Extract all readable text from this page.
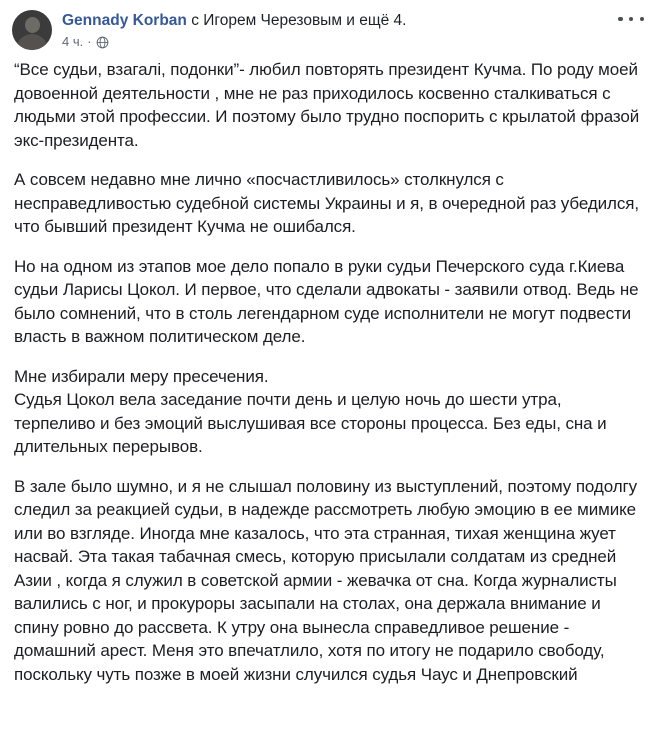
Gennady Korban с Игорем Черезовым и ещё 4.
4 ч. ·

“Все судьи, взагалі, подонки”- любил повторять президент Кучма. По роду моей довоенной деятельности , мне не раз приходилось косвенно сталкиваться с людьми этой профессии. И поэтому было трудно поспорить с крылатой фразой экс-президента.

А совсем недавно мне лично «посчастливилось» столкнулся с несправедливостью судебной системы Украины и я, в очередной раз убедился, что бывший президент Кучма не ошибался.

Но на одном из этапов мое дело попало в руки судьи Печерского суда г.Киева судьи Ларисы Цокол. И первое, что сделали адвокаты - заявили отвод. Ведь не было сомнений, что в столь легендарном суде исполнители не могут подвести власть в важном политическом деле.

Мне избирали меру пресечения.

Судья Цокол вела заседание почти день и целую ночь до шести утра, терпеливо и без эмоций выслушивая все стороны процесса. Без еды, сна и длительных перерывов.

В зале было шумно, и я не слышал половину из выступлений, поэтому подолгу следил за реакцией судьи, в надежде рассмотреть любую эмоцию в ее мимике или во взгляде. Иногда мне казалось, что эта странная, тихая женщина жует насвай. Эта такая табачная смесь, которую присылали солдатам из средней Азии , когда я служил в советской армии - жевачка от сна. Когда журналисты валились с ног, и прокуроры засыпали на столах, она держала внимание и спину ровно до рассвета. К утру она вынесла справедливое решение - домашний арест. Меня это впечатлило, хотя по итогу не подарило свободу, поскольку чуть позже в моей жизни случился судья Чаус и Днепровский
